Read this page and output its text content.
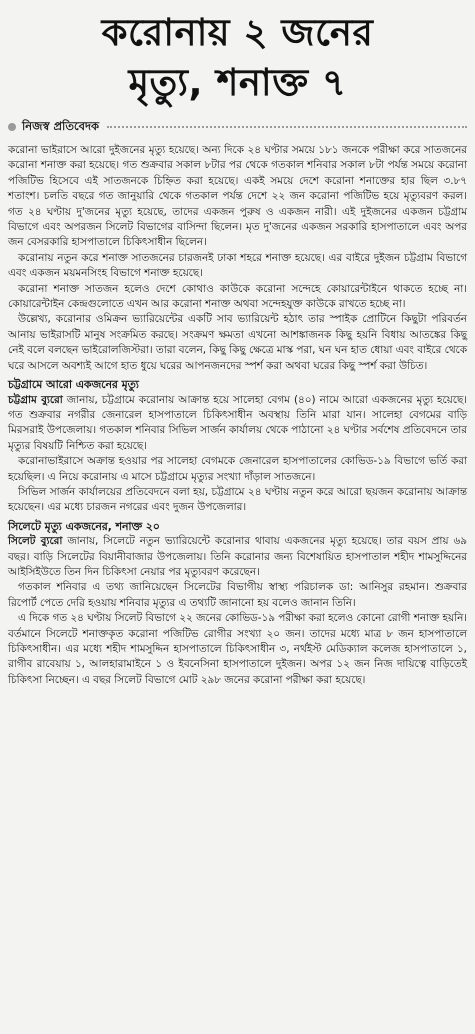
করোনায় ২ জনের
মৃত্যু, শনাক্ত ৭
নিজস্ব প্রতিবেদক

করোনা ভাইরাসে আরো দুইজনের মৃত্যু হয়েছে। অন্য দিকে ২৪ ঘণ্টার সময়ে ১৮১ জনকে পরীক্ষা করে সাতজনের করোনা শনাক্ত করা হয়েছে। গত শুক্রবার সকাল ৮টার পর থেকে গতকাল শনিবার সকাল ৮টা পর্যন্ত সময়ে করোনা পজিটিভ হিসেবে এই সাতজনকে চিহ্নিত করা হয়েছে। একই সময়ে দেশে করোনা শনাক্তের হার ছিল ৩.৮৭ শতাংশ। চলতি বছরে গত জানুয়ারি থেকে গতকাল পর্যন্ত দেশে ২২ জন করোনা পজিটিভ হয়ে মৃত্যুবরণ করল। গত ২৪ ঘণ্টায় দু'জনের মৃত্যু হয়েছে, তাদের একজন পুরুষ ও একজন নারী। এই দুইজনের একজন চট্টগ্রাম বিভাগে এবং অপরজন সিলেট বিভাগের বাসিন্দা ছিলেন। মৃত দু'জনের একজন সরকারি হাসপাতালে এবং অপর জন বেসরকারি হাসপাতালে চিকিৎসাধীন ছিলেন।

করোনায় নতুন করে শনাক্ত সাতজনের চারজনই ঢাকা শহরে শনাক্ত হয়েছে। এর বাইরে দুইজন চট্টগ্রাম বিভাগে এবং একজন ময়মনসিংহ বিভাগে শনাক্ত হয়েছে।

করোনা শনাক্ত সাতজন হলেও দেশে কোথাও কাউকে করোনা সন্দেহে কোয়ারেন্টাইনে থাকতে হচ্ছে না। কোয়ারেন্টাইন কেন্দ্রগুলোতে এখন আর করোনা শনাক্ত অথবা সন্দেহযুক্ত কাউকে রাখতে হচ্ছে না।

উল্লেখ্য, করোনার ওমিক্রন ভ্যারিয়েন্টের একটি সাব ভ্যারিয়েন্ট হঠাৎ তার স্পাইক প্রোটিনে কিছুটা পরিবর্তন আনায় ভাইরাসটি মানুষ সংক্রমিত করছে। সংক্রমণ ক্ষমতা এখনো আশঙ্কাজনক কিছু হয়নি বিধায় আতঙ্কের কিছু নেই বলে বলছেন ভাইরোলজিস্টরা। তারা বলেন, কিছু কিছু ক্ষেত্রে মাস্ক পরা, ঘন ঘন হাত ধোয়া এবং বাইরে থেকে ঘরে আসলে অবশ্যই আগে হাত ধুয়ে ঘরের আপনজনদের স্পর্শ করা অথবা ঘরের কিছু স্পর্শ করা উচিত।

চট্টগ্রামে আরো একজনের মৃত্যু

চট্টগ্রাম ব্যুরো জানায়, চট্টগ্রামে করোনায় আক্রান্ত হয়ে সালেহা বেগম (৪০) নামে আরো একজনের মৃত্যু হয়েছে। গত শুক্রবার নগরীর জেনারেল হাসপাতালে চিকিৎসাধীন অবস্থায় তিনি মারা যান। সালেহা বেগমের বাড়ি মিরসরাই উপজেলায়। গতকাল শনিবার সিভিল সার্জন কার্যালয় থেকে পাঠানো ২৪ ঘণ্টার সর্বশেষ প্রতিবেদনে তার মৃত্যুর বিষয়টি নিশ্চিত করা হয়েছে।

করোনাভাইরাসে অক্রান্ত হওয়ার পর সালেহা বেগমকে জেনারেল হাসপাতালের কোভিড-১৯ বিভাগে ভর্তি করা হয়েছিল। এ নিয়ে করোনায় এ মাসে চট্টগ্রামে মৃত্যুর সংখ্যা দাঁড়াল সাতজনে।

সিভিল সার্জন কার্যালয়ের প্রতিবেদনে বলা হয়, চট্টগ্রামে ২৪ ঘণ্টায় নতুন করে আরো ছয়জন করোনায় আক্রান্ত হয়েছেন। এর মধ্যে চারজন নগরের এবং দুজন উপজেলার।

সিলেটে মৃত্যু একজনের, শনাক্ত ২০

সিলেট ব্যুরো জানায়, সিলেটে নতুন ভ্যারিয়েন্টে করোনার থাবায় একজনের মৃত্যু হয়েছে। তার বয়স প্রায় ৬৯ বছর। বাড়ি সিলেটের বিয়ানীবাজার উপজেলায়। তিনি করোনার জন্য বিশেষায়িত হাসপাতাল শহীদ শামসুদ্দিনের আইসিইউতে তিন দিন চিকিৎসা নেয়ার পর মৃত্যুবরণ করেছেন।

গতকাল শনিবার এ তথ্য জানিয়েছেন সিলেটের বিভাগীয় স্বাস্থ্য পরিচালক ডা: আনিসুর রহমান। শুক্রবার রিপোর্ট পেতে দেরি হওয়ায় শনিবার মৃত্যুর এ তথ্যটি জানানো হয় বলেও জানান তিনি।

এ দিকে গত ২৪ ঘণ্টায় সিলেট বিভাগে ২২ জনের কোভিড-১৯ পরীক্ষা করা হলেও কোনো রোগী শনাক্ত হয়নি। বর্তমানে সিলেটে শনাক্তকৃত করোনা পজিটিভ রোগীর সংখ্যা ২০ জন। তাদের মধ্যে মাত্র ৮ জন হাসপাতালে চিকিৎসাধীন। এর মধ্যে শহীদ শামসুদ্দিন হাসপাতালে চিকিৎসাধীন ৩, নর্থইস্ট মেডিক্যাল কলেজ হাসপাতালে ১, রাগীব রাবেয়ায় ১, আলহারামাইনে ১ ও ইবনেসিনা হাসপাতালে দুইজন। অপর ১২ জন নিজ দায়িত্বে বাড়িতেই চিকিৎসা নিচ্ছেন। এ বছর সিলেট বিভাগে মোট ২৯৮ জনের করোনা পরীক্ষা করা হয়েছে।
